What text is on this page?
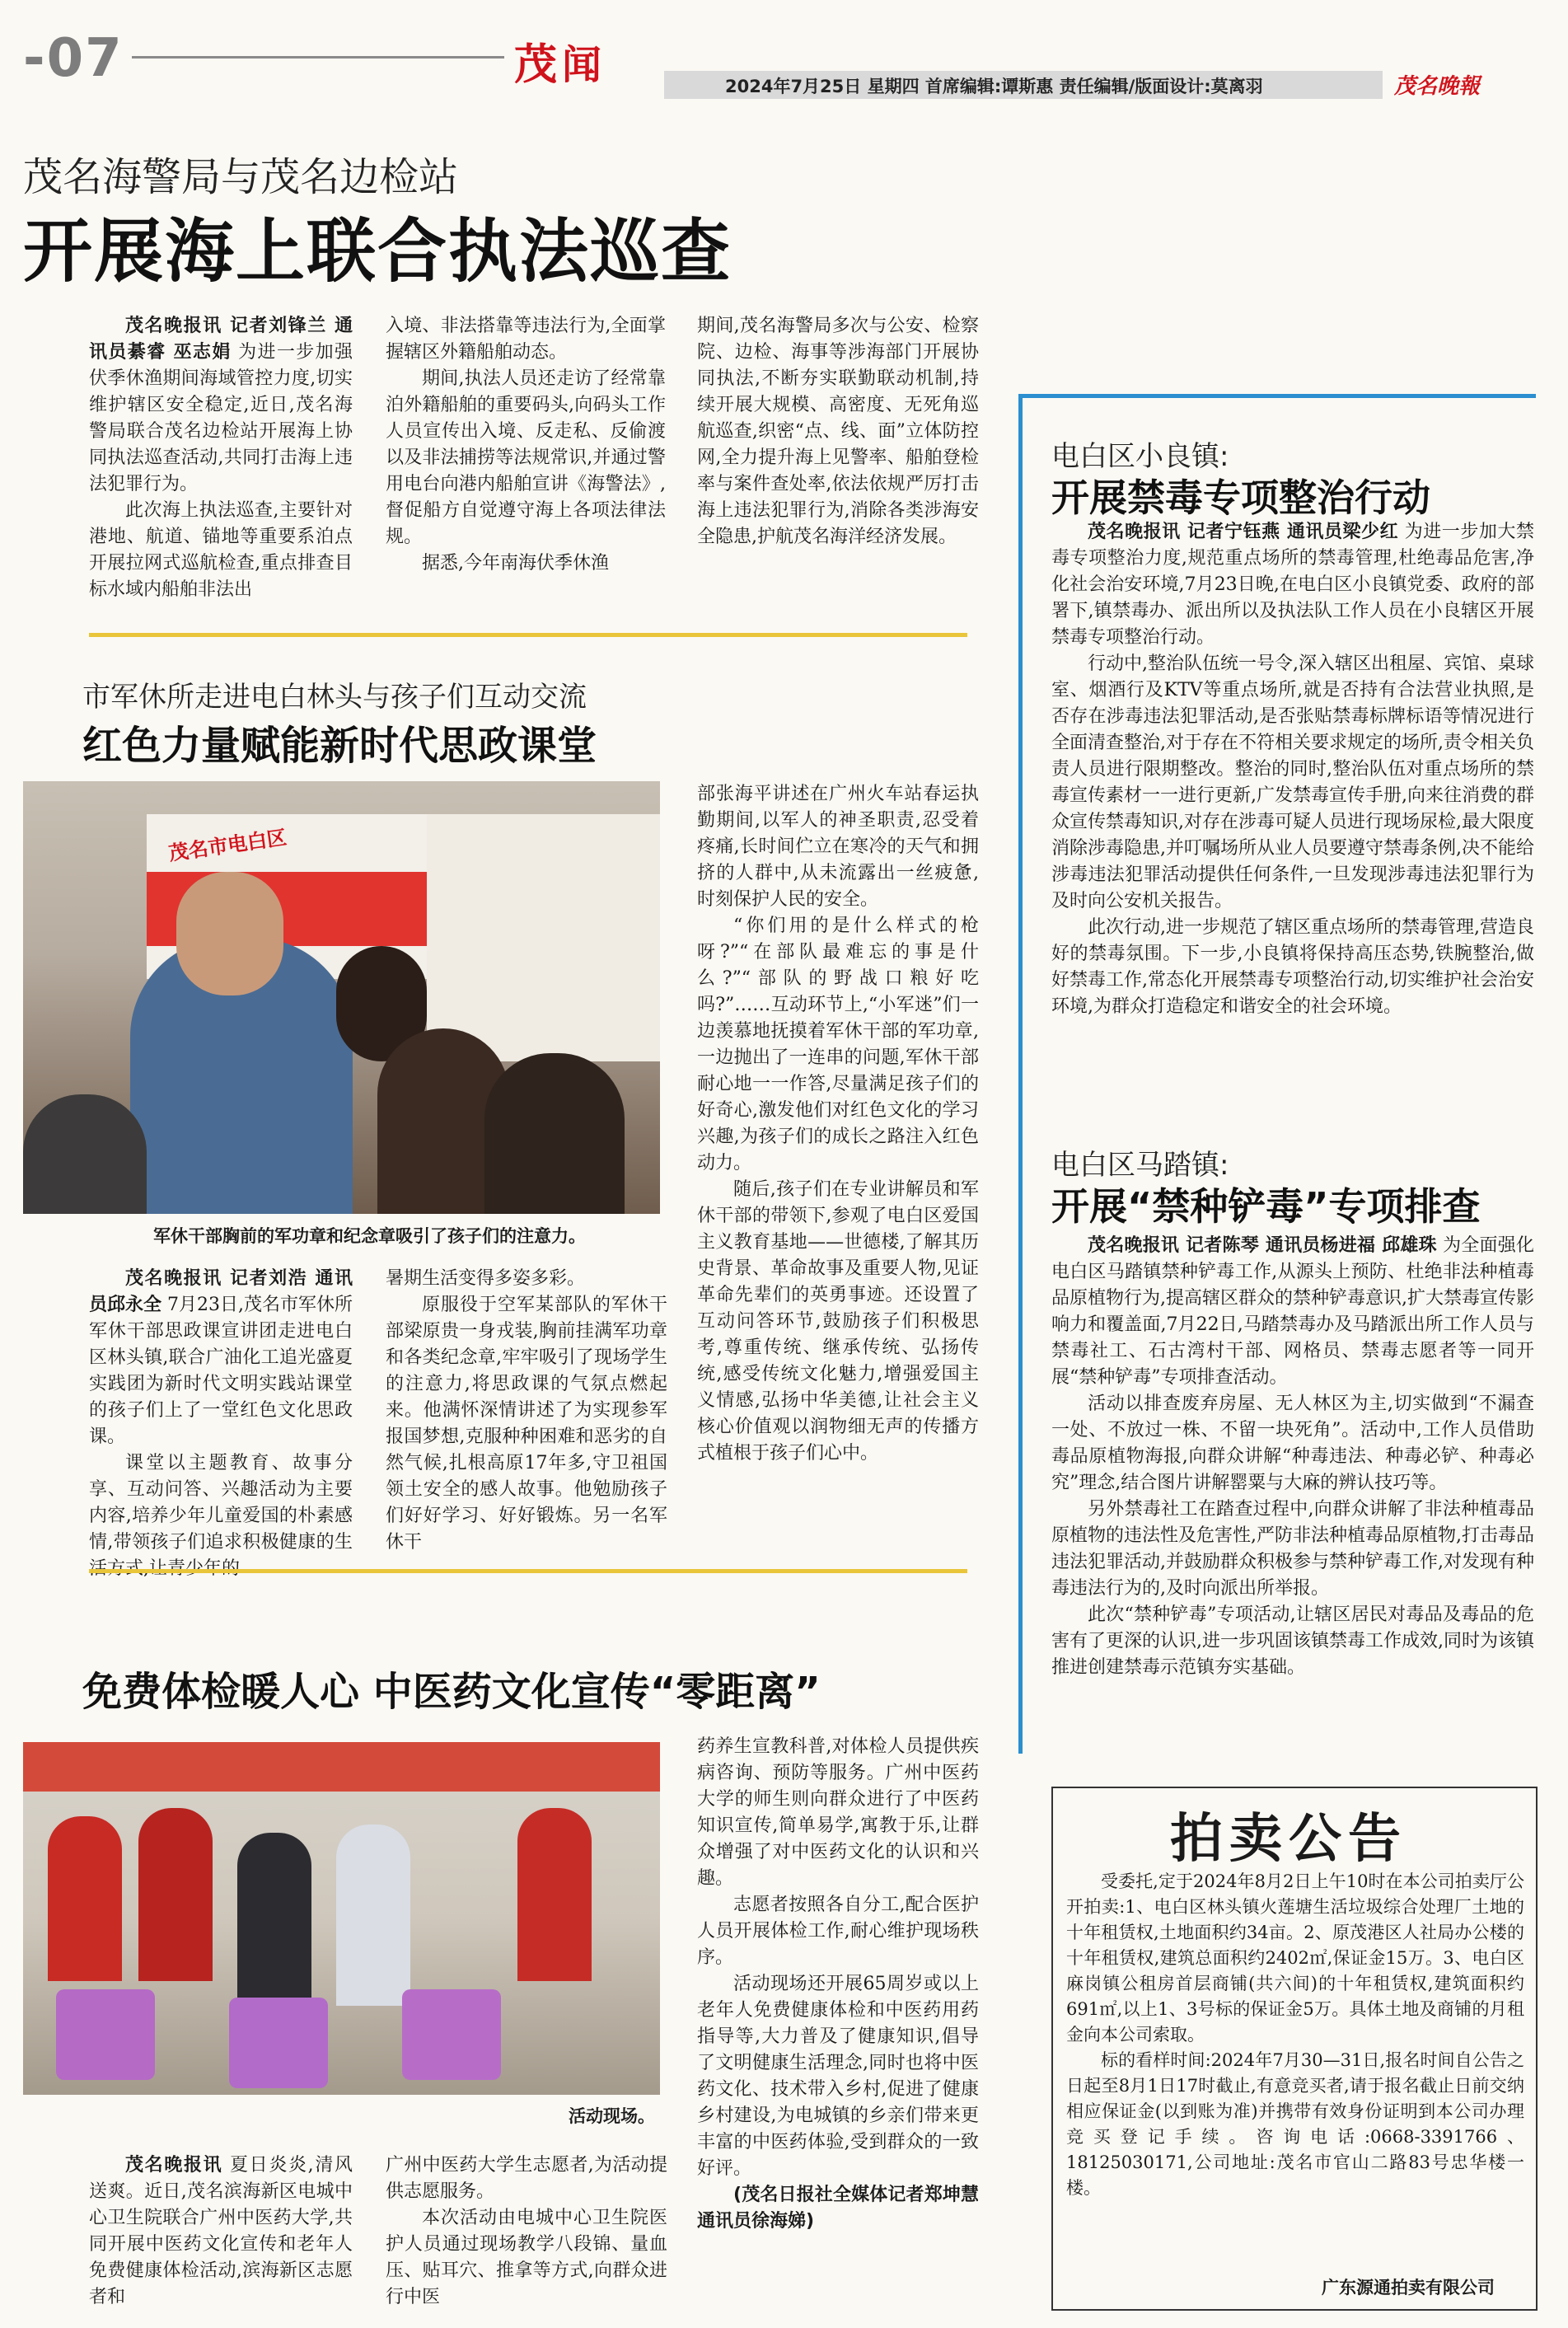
-07	茂 闻	2024年7月25日 星期四 首席编辑:谭斯惠 责任编辑/版面设计:莫离羽	茂名晚報
茂名海警局与茂名边检站
开展海上联合执法巡查

茂名晚报讯 记者刘锋兰 通讯员綦睿 巫志娟 为进一步加强伏季休渔期间海域管控力度,切实维护辖区安全稳定,近日,茂名海警局联合茂名边检站开展海上协同执法巡查活动,共同打击海上违法犯罪行为。

此次海上执法巡查,主要针对港地、航道、锚地等重要系泊点开展拉网式巡航检查,重点排查目标水域内船舶非法出

入境、非法搭靠等违法行为,全面掌握辖区外籍船舶动态。

期间,执法人员还走访了经常靠泊外籍船舶的重要码头,向码头工作人员宣传出入境、反走私、反偷渡以及非法捕捞等法规常识,并通过警用电台向港内船舶宣讲《海警法》,督促船方自觉遵守海上各项法律法规。

据悉,今年南海伏季休渔

期间,茂名海警局多次与公安、检察院、边检、海事等涉海部门开展协同执法,不断夯实联勤联动机制,持续开展大规模、高密度、无死角巡航巡查,织密“点、线、面”立体防控网,全力提升海上见警率、船舶登检率与案件查处率,依法依规严厉打击海上违法犯罪行为,消除各类涉海安全隐患,护航茂名海洋经济发展。

市军休所走进电白林头与孩子们互动交流
红色力量赋能新时代思政课堂
茂名市电白区
军休干部胸前的军功章和纪念章吸引了孩子们的注意力。

茂名晚报讯 记者刘浩 通讯员邱永全 7月23日,茂名市军休所军休干部思政课宣讲团走进电白区林头镇,联合广油化工追光盛夏实践团为新时代文明实践站课堂的孩子们上了一堂红色文化思政课。

课堂以主题教育、故事分享、互动问答、兴趣活动为主要内容,培养少年儿童爱国的朴素感情,带领孩子们追求积极健康的生

暑期生活变得多姿多彩。

原服役于空军某部队的军休干部梁原贵一身戎装,胸前挂满军功章和各类纪念章,牢牢吸引了现场学生的注意力,将思政课的气氛点燃起来。他满怀深情讲述了为实现参军报国梦想,克服种种困难和恶劣的自然气候,扎根高原17年多,守卫祖国领土安全的感人故事。他勉励孩子们好好学习、好好锻炼。另一名军休干

部张海平讲述在广州火车站春运执勤期间,以军人的神圣职责,忍受着疼痛,长时间伫立在寒冷的天气和拥挤的人群中,从未流露出一丝疲惫,时刻保护人民的安全。

“你们用的是什么样式的枪呀?”“在部队最难忘的事是什么?”“部队的野战口粮好吃吗?”……互动环节上,“小军迷”们一边羡慕地抚摸着军休干部的军功章,一边抛出了一连串的问题,军休干部耐心地一一作答,尽量满足孩子们的好奇心,激发他们对红色文化的学习兴趣,为孩子们的成长之路注入红色动力。

随后,孩子们在专业讲解员和军休干部的带领下,参观了电白区爱国主义教育基地——世德楼,了解其历史背景、革命故事及重要人物,见证革命先辈们的英勇事迹。还设置了互动问答环节,鼓励孩子们积极思考,尊重传统、继承传统、弘扬传统,感受传统文化魅力,增强爱国主义情感,弘扬中华美德,让社会主义核心价值观以润物细无声的传播方式植根于孩子们心中。

免费体检暖人心 中医药文化宣传“零距离”
活动现场。

茂名晚报讯 夏日炎炎,清风送爽。近日,茂名滨海新区电城中心卫生院联合广州中医药大学,共同开展中医药文化宣传和老年人免费健康体检活动,滨海新区志愿者和

广州中医药大学生志愿者,为活动提供志愿服务。

本次活动由电城中心卫生院医护人员通过现场教学八段锦、量血压、贴耳穴、推拿等方式,向群众进行中医

药养生宣教科普,对体检人员提供疾病咨询、预防等服务。广州中医药大学的师生则向群众进行了中医药知识宣传,简单易学,寓教于乐,让群众增强了对中医药文化的认识和兴趣。

志愿者按照各自分工,配合医护人员开展体检工作,耐心维护现场秩序。

活动现场还开展65周岁或以上老年人免费健康体检和中医药用药指导等,大力普及了健康知识,倡导了文明健康生活理念,同时也将中医药文化、技术带入乡村,促进了健康乡村建设,为电城镇的乡亲们带来更丰富的中医药体验,受到群众的一致好评。

(茂名日报社全媒体记者郑坤慧 通讯员徐海娣)

电白区小良镇:
开展禁毒专项整治行动

茂名晚报讯 记者宁钰燕 通讯员梁少红 为进一步加大禁毒专项整治力度,规范重点场所的禁毒管理,杜绝毒品危害,净化社会治安环境,7月23日晚,在电白区小良镇党委、政府的部署下,镇禁毒办、派出所以及执法队工作人员在小良辖区开展禁毒专项整治行动。

行动中,整治队伍统一号令,深入辖区出租屋、宾馆、桌球室、烟酒行及KTV等重点场所,就是否持有合法营业执照,是否存在涉毒违法犯罪活动,是否张贴禁毒标牌标语等情况进行全面清查整治,对于存在不符相关要求规定的场所,责令相关负责人员进行限期整改。整治的同时,整治队伍对重点场所的禁毒宣传素材一一进行更新,广发禁毒宣传手册,向来往消费的群众宣传禁毒知识,对存在涉毒可疑人员进行现场尿检,最大限度消除涉毒隐患,并叮嘱场所从业人员要遵守禁毒条例,决不能给涉毒违法犯罪活动提供任何条件,一旦发现涉毒违法犯罪行为及时向公安机关报告。

此次行动,进一步规范了辖区重点场所的禁毒管理,营造良好的禁毒氛围。下一步,小良镇将保持高压态势,铁腕整治,做好禁毒工作,常态化开展禁毒专项整治行动,切实维护社会治安环境,为群众打造稳定和谐安全的社会环境。

电白区马踏镇:
开展“禁种铲毒”专项排查

茂名晚报讯 记者陈琴 通讯员杨进福 邱雄珠 为全面强化电白区马踏镇禁种铲毒工作,从源头上预防、杜绝非法种植毒品原植物行为,提高辖区群众的禁种铲毒意识,扩大禁毒宣传影响力和覆盖面,7月22日,马踏禁毒办及马踏派出所工作人员与禁毒社工、石古湾村干部、网格员、禁毒志愿者等一同开展“禁种铲毒”专项排查活动。

活动以排查废弃房屋、无人林区为主,切实做到“不漏查一处、不放过一株、不留一块死角”。活动中,工作人员借助毒品原植物海报,向群众讲解“种毒违法、种毒必铲、种毒必究”理念,结合图片讲解罂粟与大麻的辨认技巧等。

另外禁毒社工在踏查过程中,向群众讲解了非法种植毒品原植物的违法性及危害性,严防非法种植毒品原植物,打击毒品违法犯罪活动,并鼓励群众积极参与禁种铲毒工作,对发现有种毒违法行为的,及时向派出所举报。

此次“禁种铲毒”专项活动,让辖区居民对毒品及毒品的危害有了更深的认识,进一步巩固该镇禁毒工作成效,同时为该镇推进创建禁毒示范镇夯实基础。

拍卖公告

受委托,定于2024年8月2日上午10时在本公司拍卖厅公开拍卖:1、电白区林头镇火莲塘生活垃圾综合处理厂土地的十年租赁权,土地面积约34亩。2、原茂港区人社局办公楼的十年租赁权,建筑总面积约2402㎡,保证金15万。3、电白区麻岗镇公租房首层商铺(共六间)的十年租赁权,建筑面积约691㎡,以上1、3号标的保证金5万。具体土地及商铺的月租金向本公司索取。

标的看样时间:2024年7月30—31日,报名时间自公告之日起至8月1日17时截止,有意竞买者,请于报名截止日前交纳相应保证金(以到账为准)并携带有效身份证明到本公司办理竞买登记手续。咨询电话:0668-3391766、18125030171,公司地址:茂名市官山二路83号忠华楼一楼。

广东源通拍卖有限公司
